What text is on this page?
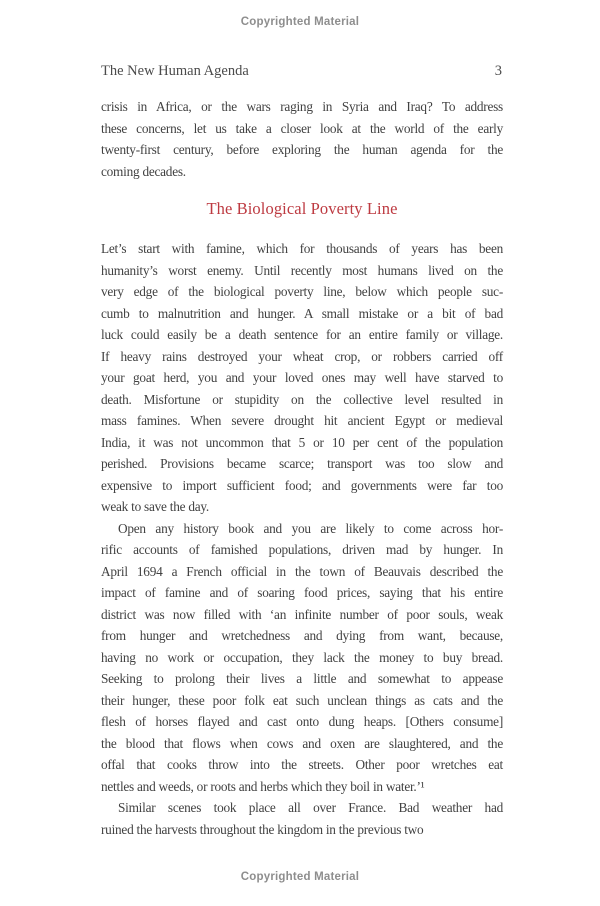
Copyrighted Material
The New Human Agenda	3
crisis in Africa, or the wars raging in Syria and Iraq? To address
these concerns, let us take a closer look at the world of the early
twenty-first century, before exploring the human agenda for the
coming decades.
The Biological Poverty Line
Let’s start with famine, which for thousands of years has been
humanity’s worst enemy. Until recently most humans lived on the
very edge of the biological poverty line, below which people suc-
cumb to malnutrition and hunger. A small mistake or a bit of bad
luck could easily be a death sentence for an entire family or village.
If heavy rains destroyed your wheat crop, or robbers carried off
your goat herd, you and your loved ones may well have starved to
death. Misfortune or stupidity on the collective level resulted in
mass famines. When severe drought hit ancient Egypt or medieval
India, it was not uncommon that 5 or 10 per cent of the population
perished. Provisions became scarce; transport was too slow and
expensive to import sufficient food; and governments were far too
weak to save the day.
Open any history book and you are likely to come across hor-
rific accounts of famished populations, driven mad by hunger. In
April 1694 a French official in the town of Beauvais described the
impact of famine and of soaring food prices, saying that his entire
district was now filled with ‘an infinite number of poor souls, weak
from hunger and wretchedness and dying from want, because,
having no work or occupation, they lack the money to buy bread.
Seeking to prolong their lives a little and somewhat to appease
their hunger, these poor folk eat such unclean things as cats and the
flesh of horses flayed and cast onto dung heaps. [Others consume]
the blood that flows when cows and oxen are slaughtered, and the
offal that cooks throw into the streets. Other poor wretches eat
nettles and weeds, or roots and herbs which they boil in water.’¹
Similar scenes took place all over France. Bad weather had
ruined the harvests throughout the kingdom in the previous two
Copyrighted Material
